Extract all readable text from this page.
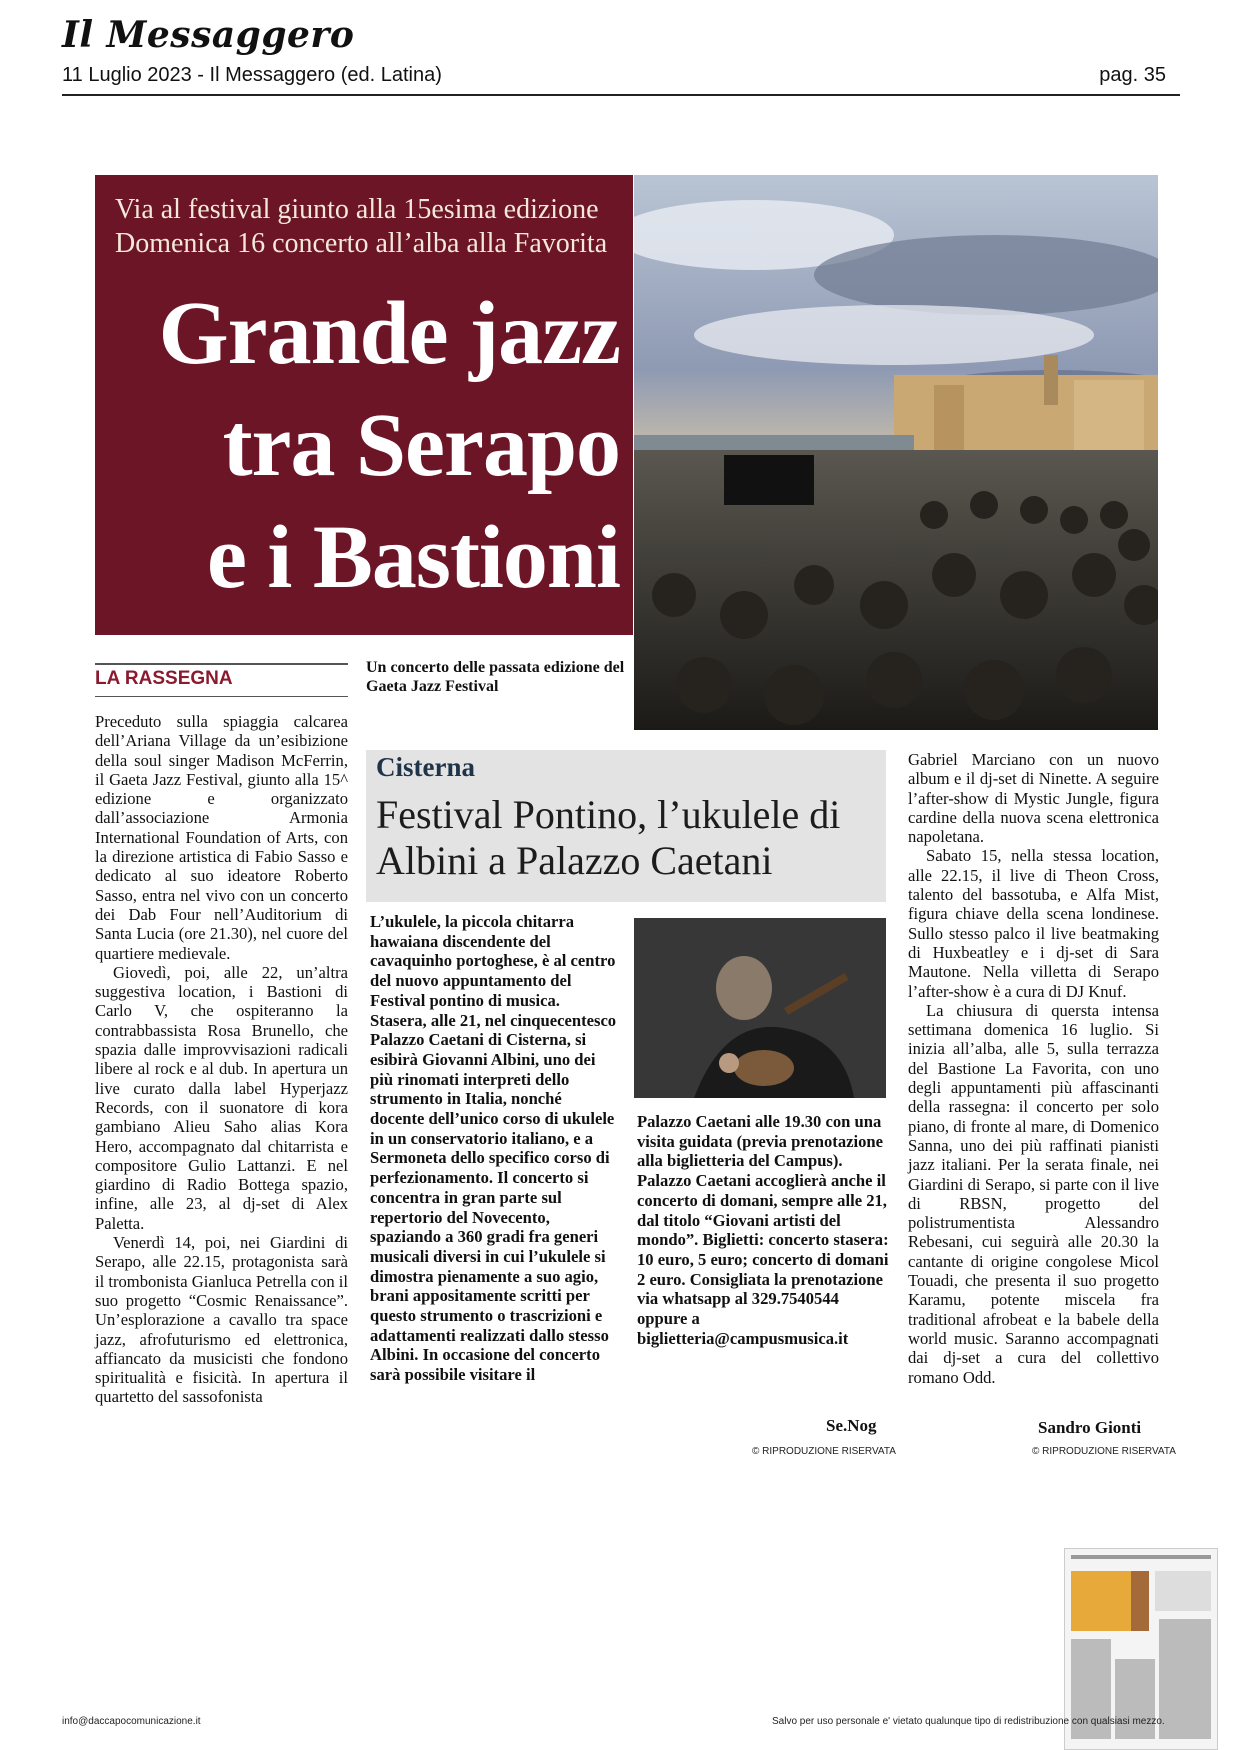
Il Messaggero
11 Luglio 2023 - Il Messaggero (ed. Latina)	pag. 35
Via al festival giunto alla 15esima edizione
Domenica 16 concerto all’alba alla Favorita
Grande jazz
tra Serapo
e i Bastioni
Un concerto delle passata edizione del Gaeta Jazz Festival
LA RASSEGNA

Preceduto sulla spiaggia calcarea dell’Ariana Village da un’esibizione della soul singer Madison McFerrin, il Gaeta Jazz Festival, giunto alla 15^ edizione e organizzato dall’associazione Armonia International Foundation of Arts, con la direzione artistica di Fabio Sasso e dedicato al suo ideatore Roberto Sasso, entra nel vivo con un concerto dei Dab Four nell’Auditorium di Santa Lucia (ore 21.30), nel cuore del quartiere medievale.

Giovedì, poi, alle 22, un’altra suggestiva location, i Bastioni di Carlo V, che ospiteranno la contrabbassista Rosa Brunello, che spazia dalle improvvisazioni radicali libere al rock e al dub. In apertura un live curato dalla label Hyperjazz Records, con il suonatore di kora gambiano Alieu Saho alias Kora Hero, accompagnato dal chitarrista e compositore Gulio Lattanzi. E nel giardino di Radio Bottega spazio, infine, alle 23, al dj-set di Alex Paletta.

Venerdì 14, poi, nei Giardini di Serapo, alle 22.15, protagonista sarà il trombonista Gianluca Petrella con il suo progetto “Cosmic Renaissance”. Un’esplorazione a cavallo tra space jazz, afrofuturismo ed elettronica, affiancato da musicisti che fondono spiritualità e fisicità. In apertura il quartetto del sassofonista

Cisterna
Festival Pontino, l’ukulele di Albini a Palazzo Caetani
L’ukulele, la piccola chitarra hawaiana discendente del cavaquinho portoghese, è al centro del nuovo appuntamento del Festival pontino di musica. Stasera, alle 21, nel cinquecentesco Palazzo Caetani di Cisterna, si esibirà Giovanni Albini, uno dei più rinomati interpreti dello strumento in Italia, nonché docente dell’unico corso di ukulele in un conservatorio italiano, e a Sermoneta dello specifico corso di perfezionamento. Il concerto si concentra in gran parte sul repertorio del Novecento, spaziando a 360 gradi fra generi musicali diversi in cui l’ukulele si dimostra pienamente a suo agio, brani appositamente scritti per questo strumento o trascrizioni e adattamenti realizzati dallo stesso Albini. In occasione del concerto sarà possibile visitare il
Palazzo Caetani alle 19.30 con una visita guidata (previa prenotazione alla biglietteria del Campus). Palazzo Caetani accoglierà anche il concerto di domani, sempre alle 21, dal titolo “Giovani artisti del mondo”. Biglietti: concerto stasera: 10 euro, 5 euro; concerto di domani 2 euro. Consigliata la prenotazione via whatsapp al 329.7540544 oppure a biglietteria@campusmusica.it
Se.Nog
© RIPRODUZIONE RISERVATA

Gabriel Marciano con un nuovo album e il dj-set di Ninette. A seguire l’after-show di Mystic Jungle, figura cardine della nuova scena elettronica napoletana.

Sabato 15, nella stessa location, alle 22.15, il live di Theon Cross, talento del bassotuba, e Alfa Mist, figura chiave della scena londinese. Sullo stesso palco il live beatmaking di Huxbeatley e i dj-set di Sara Mautone. Nella villetta di Serapo l’after-show è a cura di DJ Knuf.

La chiusura di quersta intensa settimana domenica 16 luglio. Si inizia all’alba, alle 5, sulla terrazza del Bastione La Favorita, con uno degli appuntamenti più affascinanti della rassegna: il concerto per solo piano, di fronte al mare, di Domenico Sanna, uno dei più raffinati pianisti jazz italiani. Per la serata finale, nei Giardini di Serapo, si parte con il live di RBSN, progetto del polistrumentista Alessandro Rebesani, cui seguirà alle 20.30 la cantante di origine congolese Micol Touadi, che presenta il suo progetto Karamu, potente miscela fra traditional afrobeat e la babele della world music. Saranno accompagnati dai dj-set a cura del collettivo romano Odd.

Sandro Gionti
© RIPRODUZIONE RISERVATA
info@daccapocomunicazione.it	Salvo per uso personale e' vietato qualunque tipo di redistribuzione con qualsiasi mezzo.
